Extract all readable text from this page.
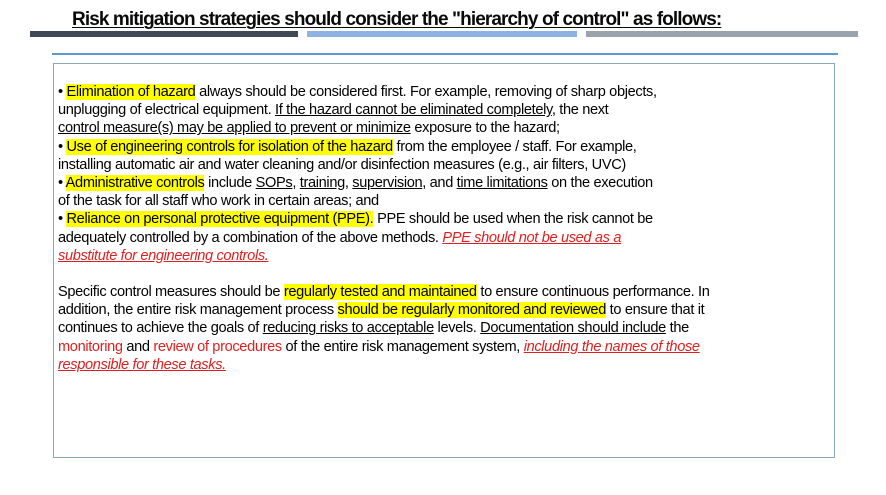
Risk mitigation strategies should consider the "hierarchy of control" as follows:

• Elimination of hazard always should be considered first. For example, removing of sharp objects,

unplugging of electrical equipment. If the hazard cannot be eliminated completely, the next

control measure(s) may be applied to prevent or minimize exposure to the hazard;

• Use of engineering controls for isolation of the hazard from the employee / staff. For example,

installing automatic air and water cleaning and/or disinfection measures (e.g., air filters, UVC)

• Administrative controls include SOPs, training, supervision, and time limitations on the execution

of the task for all staff who work in certain areas; and

• Reliance on personal protective equipment (PPE). PPE should be used when the risk cannot be

adequately controlled by a combination of the above methods. PPE should not be used as a

substitute for engineering controls.

Specific control measures should be regularly tested and maintained to ensure continuous performance. In

addition, the entire risk management process should be regularly monitored and reviewed to ensure that it

continues to achieve the goals of reducing risks to acceptable levels. Documentation should include the

monitoring and review of procedures of the entire risk management system, including the names of those

responsible for these tasks.
